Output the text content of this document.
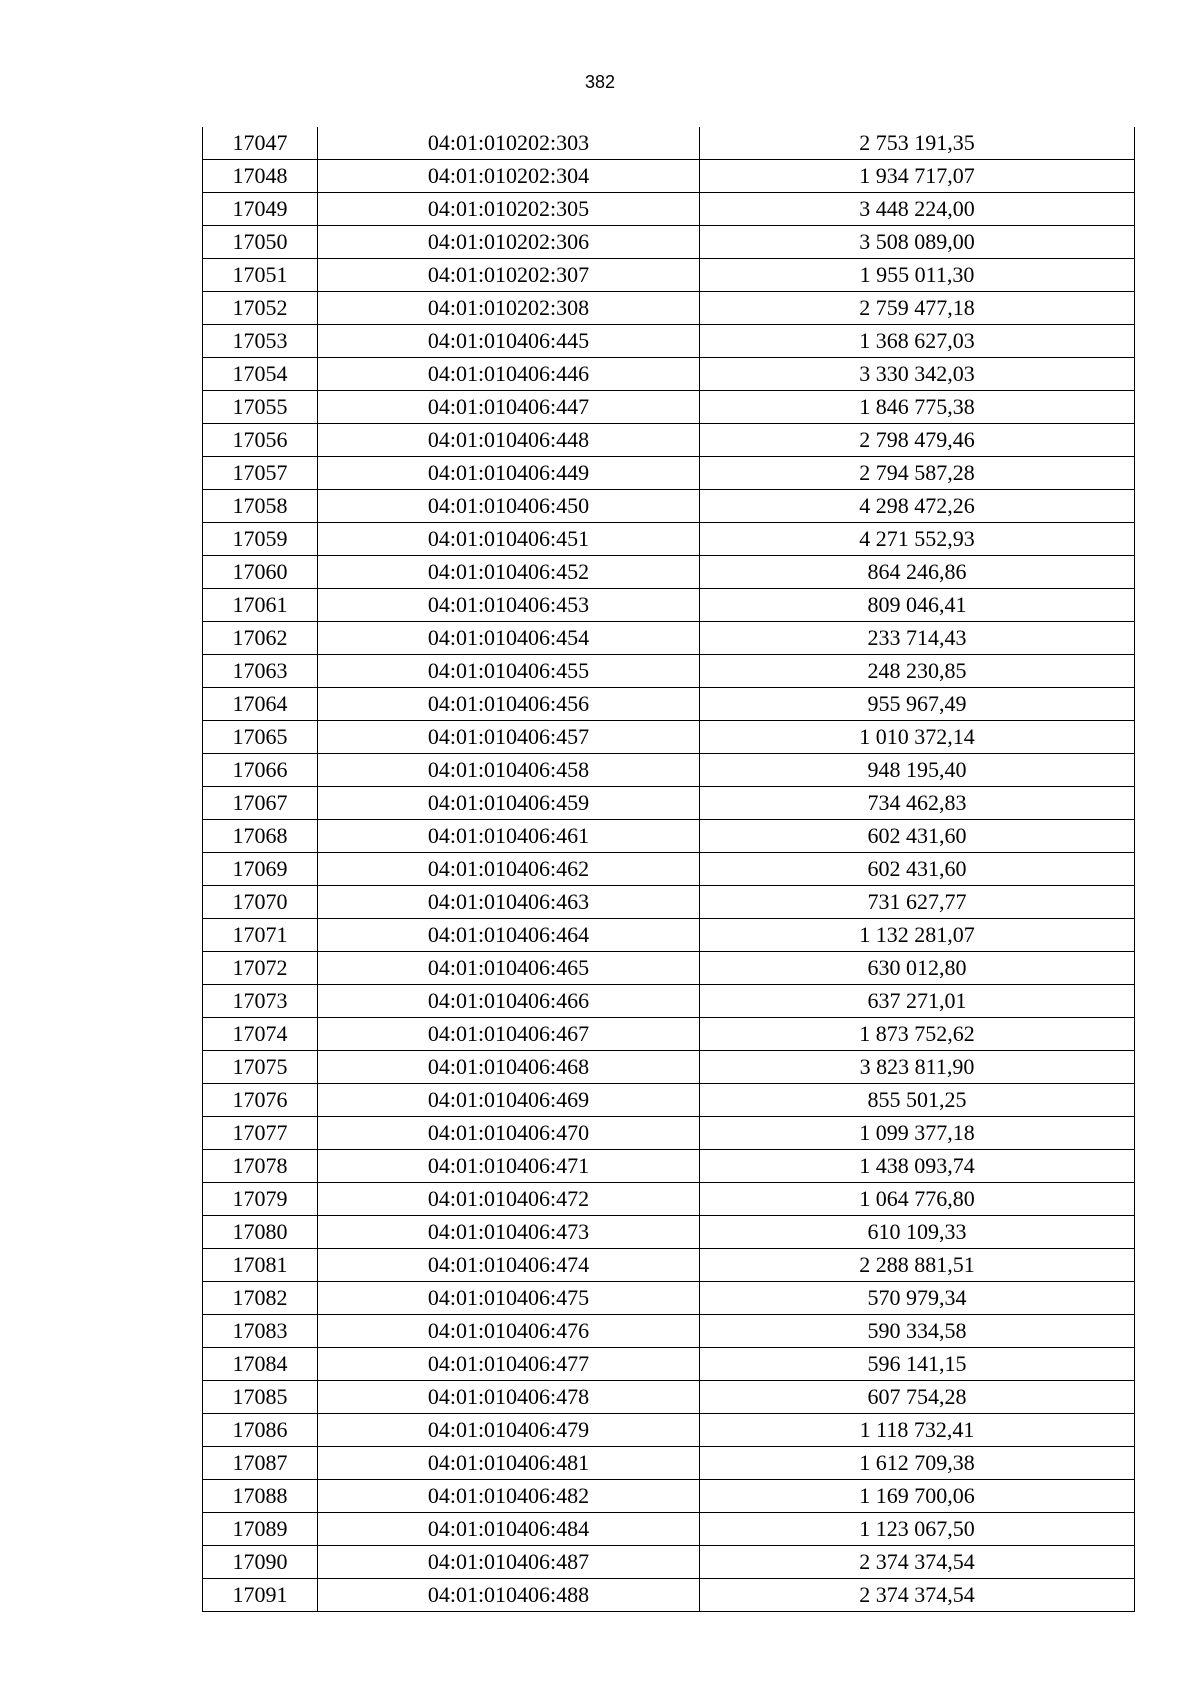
382
17047	04:01:010202:303	2 753 191,35
17048	04:01:010202:304	1 934 717,07
17049	04:01:010202:305	3 448 224,00
17050	04:01:010202:306	3 508 089,00
17051	04:01:010202:307	1 955 011,30
17052	04:01:010202:308	2 759 477,18
17053	04:01:010406:445	1 368 627,03
17054	04:01:010406:446	3 330 342,03
17055	04:01:010406:447	1 846 775,38
17056	04:01:010406:448	2 798 479,46
17057	04:01:010406:449	2 794 587,28
17058	04:01:010406:450	4 298 472,26
17059	04:01:010406:451	4 271 552,93
17060	04:01:010406:452	864 246,86
17061	04:01:010406:453	809 046,41
17062	04:01:010406:454	233 714,43
17063	04:01:010406:455	248 230,85
17064	04:01:010406:456	955 967,49
17065	04:01:010406:457	1 010 372,14
17066	04:01:010406:458	948 195,40
17067	04:01:010406:459	734 462,83
17068	04:01:010406:461	602 431,60
17069	04:01:010406:462	602 431,60
17070	04:01:010406:463	731 627,77
17071	04:01:010406:464	1 132 281,07
17072	04:01:010406:465	630 012,80
17073	04:01:010406:466	637 271,01
17074	04:01:010406:467	1 873 752,62
17075	04:01:010406:468	3 823 811,90
17076	04:01:010406:469	855 501,25
17077	04:01:010406:470	1 099 377,18
17078	04:01:010406:471	1 438 093,74
17079	04:01:010406:472	1 064 776,80
17080	04:01:010406:473	610 109,33
17081	04:01:010406:474	2 288 881,51
17082	04:01:010406:475	570 979,34
17083	04:01:010406:476	590 334,58
17084	04:01:010406:477	596 141,15
17085	04:01:010406:478	607 754,28
17086	04:01:010406:479	1 118 732,41
17087	04:01:010406:481	1 612 709,38
17088	04:01:010406:482	1 169 700,06
17089	04:01:010406:484	1 123 067,50
17090	04:01:010406:487	2 374 374,54
17091	04:01:010406:488	2 374 374,54
